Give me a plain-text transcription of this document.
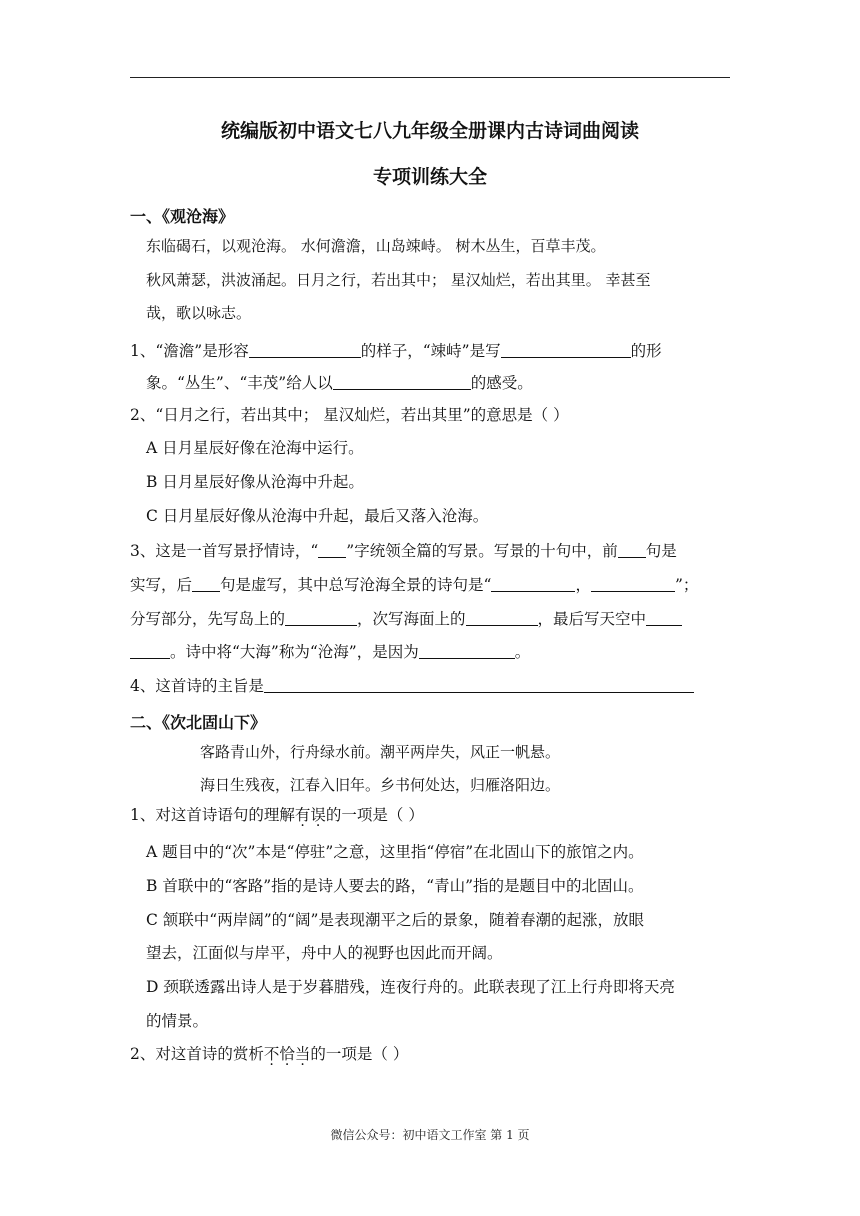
统编版初中语文七八九年级全册课内古诗词曲阅读
专项训练大全
一、《观沧海》
东临碣石，以观沧海。 水何澹澹，山岛竦峙。 树木丛生，百草丰茂。
秋风萧瑟，洪波涌起。日月之行，若出其中； 星汉灿烂，若出其里。 幸甚至
哉，歌以咏志。
1、“澹澹”是形容	的样子，“竦峙”是写	的形
象。“丛生”、“丰茂”给人以	的感受。
2、“日月之行，若出其中； 星汉灿烂，若出其里”的意思是（ ）
A 日月星辰好像在沧海中运行。
B 日月星辰好像从沧海中升起。
C 日月星辰好像从沧海中升起，最后又落入沧海。
3、这是一首写景抒情诗，“ ”字统领全篇的写景。写景的十句中，前 句是
实写，后 句是虚写，其中总写沧海全景的诗句是“	，	”；
分写部分，先写岛上的	，次写海面上的	，最后写天空中
。诗中将“大海”称为“沧海”，是因为	。
4、这首诗的主旨是
二、《次北固山下》
客路青山外，行舟绿水前。潮平两岸失，风正一帆悬。
海日生残夜，江春入旧年。乡书何处达，归雁洛阳边。
1、对这首诗语句的理解有误的一项是（ ）
A 题目中的“次”本是“停驻”之意，这里指“停宿”在北固山下的旅馆之内。
B 首联中的“客路”指的是诗人要去的路，“青山”指的是题目中的北固山。
C 颔联中“两岸阔”的“阔”是表现潮平之后的景象，随着春潮的起涨，放眼
望去，江面似与岸平，舟中人的视野也因此而开阔。
D 颈联透露出诗人是于岁暮腊残，连夜行舟的。此联表现了江上行舟即将天亮
的情景。
2、对这首诗的赏析不恰当的一项是（ ）
微信公众号：初中语文工作室 第 1 页
